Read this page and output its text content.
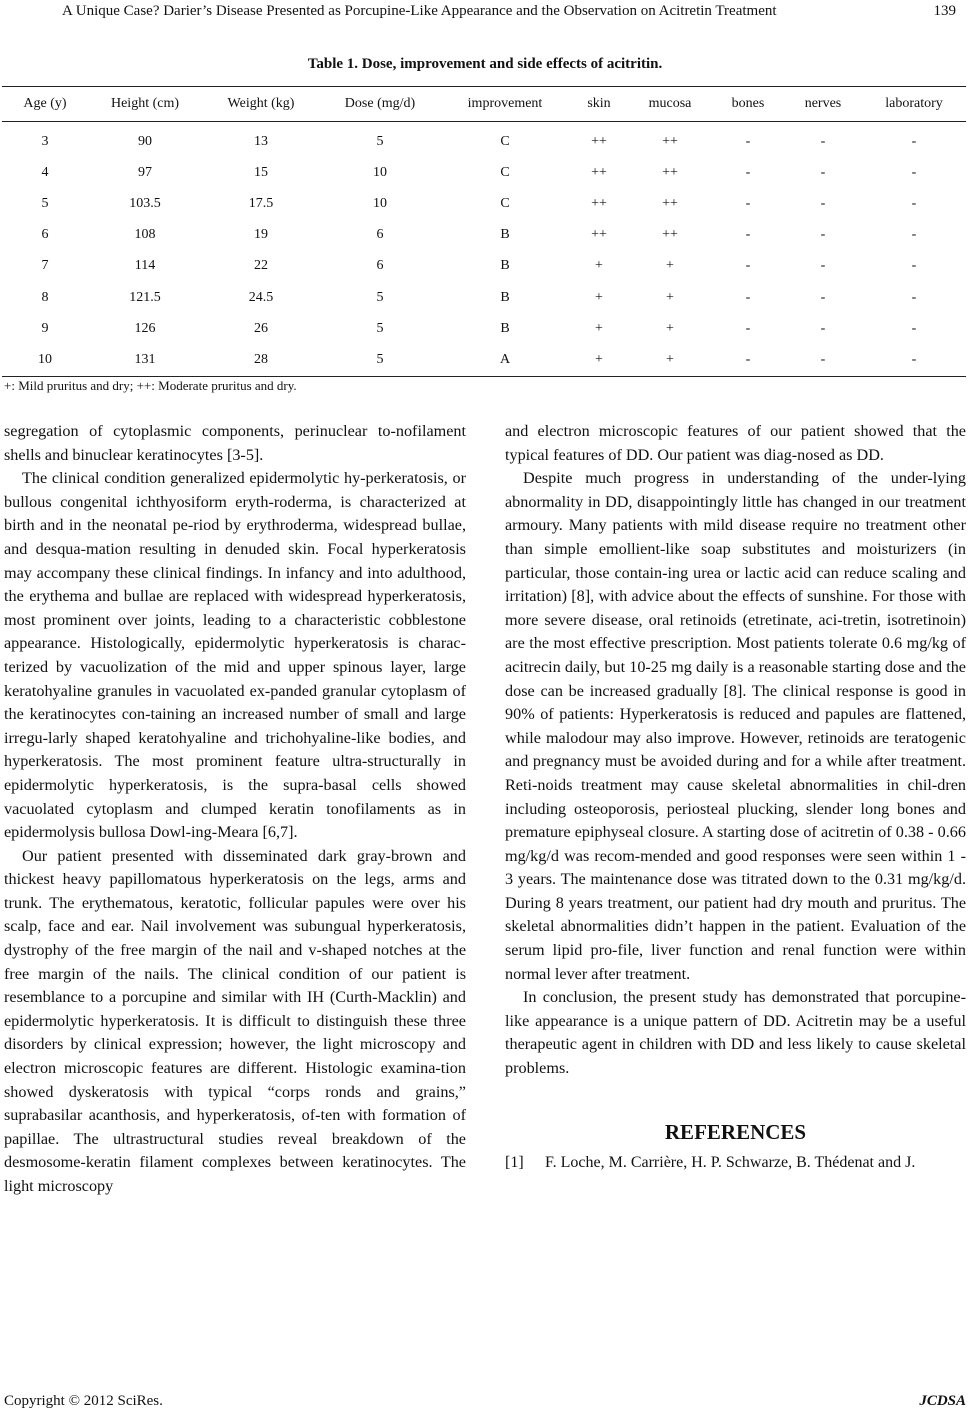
A Unique Case? Darier’s Disease Presented as Porcupine-Like Appearance and the Observation on Acitretin Treatment	139
Table 1. Dose, improvement and side effects of acitritin.
Age (y)	Height (cm)	Weight (kg)	Dose (mg/d)	improvement	skin	mucosa	bones	nerves	laboratory
3	90	13	5	C	++	++	-	-	-
4	97	15	10	C	++	++	-	-	-
5	103.5	17.5	10	C	++	++	-	-	-
6	108	19	6	B	++	++	-	-	-
7	114	22	6	B	+	+	-	-	-
8	121.5	24.5	5	B	+	+	-	-	-
9	126	26	5	B	+	+	-	-	-
10	131	28	5	A	+	+	-	-	-
+: Mild pruritus and dry; ++: Moderate pruritus and dry.

segregation of cytoplasmic components, perinuclear to-nofilament shells and binuclear keratinocytes [3-5].

The clinical condition generalized epidermolytic hy-perkeratosis, or bullous congenital ichthyosiform eryth-roderma, is characterized at birth and in the neonatal pe-riod by erythroderma, widespread bullae, and desqua-mation resulting in denuded skin. Focal hyperkeratosis may accompany these clinical findings. In infancy and into adulthood, the erythema and bullae are replaced with widespread hyperkeratosis, most prominent over joints, leading to a characteristic cobblestone appearance. Histologically, epidermolytic hyperkeratosis is charac-terized by vacuolization of the mid and upper spinous layer, large keratohyaline granules in vacuolated ex-panded granular cytoplasm of the keratinocytes con-taining an increased number of small and large irregu-larly shaped keratohyaline and trichohyaline-like bodies, and hyperkeratosis. The most prominent feature ultra-structurally in epidermolytic hyperkeratosis, is the supra-basal cells showed vacuolated cytoplasm and clumped keratin tonofilaments as in epidermolysis bullosa Dowl-ing-Meara [6,7].

Our patient presented with disseminated dark gray-brown and thickest heavy papillomatous hyperkeratosis on the legs, arms and trunk. The erythematous, keratotic, follicular papules were over his scalp, face and ear. Nail involvement was subungual hyperkeratosis, dystrophy of the free margin of the nail and v-shaped notches at the free margin of the nails. The clinical condition of our patient is resemblance to a porcupine and similar with IH (Curth-Macklin) and epidermolytic hyperkeratosis. It is difficult to distinguish these three disorders by clinical expression; however, the light microscopy and electron microscopic features are different. Histologic examina-tion showed dyskeratosis with typical “corps ronds and grains,” suprabasilar acanthosis, and hyperkeratosis, of-ten with formation of papillae. The ultrastructural studies reveal breakdown of the desmosome-keratin filament complexes between keratinocytes. The light microscopy

and electron microscopic features of our patient showed that the typical features of DD. Our patient was diag-nosed as DD.

Despite much progress in understanding of the under-lying abnormality in DD, disappointingly little has changed in our treatment armoury. Many patients with mild disease require no treatment other than simple emollient-like soap substitutes and moisturizers (in particular, those contain-ing urea or lactic acid can reduce scaling and irritation) [8], with advice about the effects of sunshine. For those with more severe disease, oral retinoids (etretinate, aci-tretin, isotretinoin) are the most effective prescription. Most patients tolerate 0.6 mg/kg of acitrecin daily, but 10-25 mg daily is a reasonable starting dose and the dose can be increased gradually [8]. The clinical response is good in 90% of patients: Hyperkeratosis is reduced and papules are flattened, while malodour may also improve. However, retinoids are teratogenic and pregnancy must be avoided during and for a while after treatment. Reti-noids treatment may cause skeletal abnormalities in chil-dren including osteoporosis, periosteal plucking, slender long bones and premature epiphyseal closure. A starting dose of acitretin of 0.38 - 0.66 mg/kg/d was recom-mended and good responses were seen within 1 - 3 years. The maintenance dose was titrated down to the 0.31 mg/kg/d. During 8 years treatment, our patient had dry mouth and pruritus. The skeletal abnormalities didn’t happen in the patient. Evaluation of the serum lipid pro-file, liver function and renal function were within normal lever after treatment.

In conclusion, the present study has demonstrated that porcupine-like appearance is a unique pattern of DD. Acitretin may be a useful therapeutic agent in children with DD and less likely to cause skeletal problems.

REFERENCES
[1]	F. Loche, M. Carrière, H. P. Schwarze, B. Thédenat and J.
Copyright © 2012 SciRes.	JCDSA
